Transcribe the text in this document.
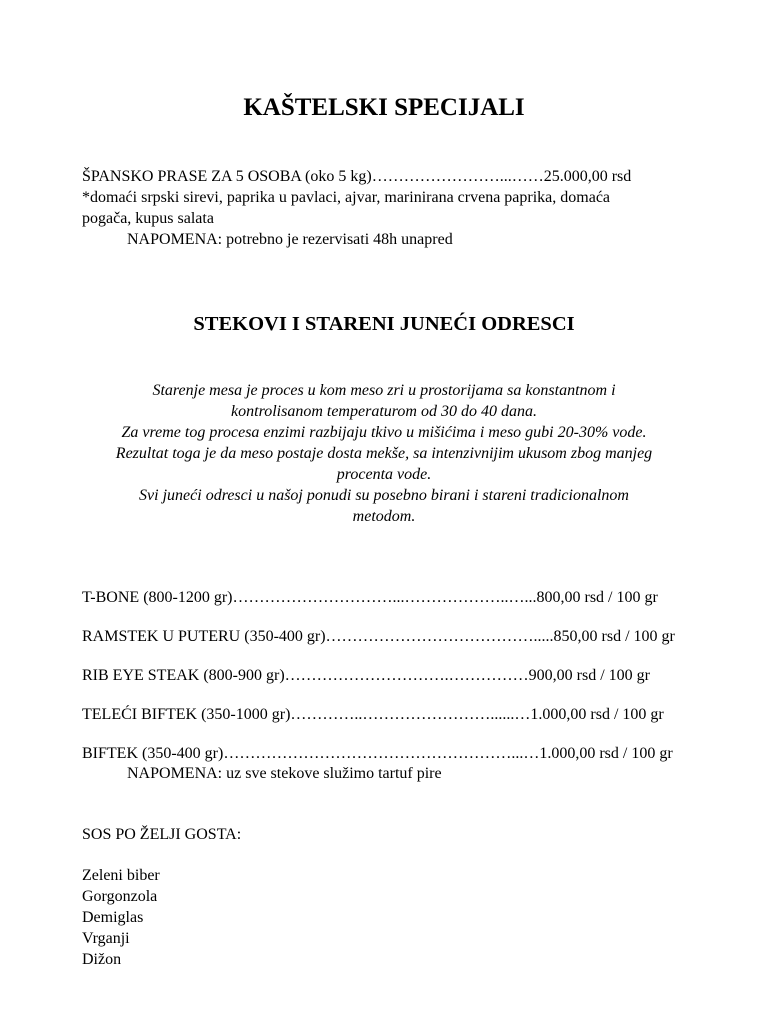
KAŠTELSKI SPECIJALI

ŠPANSKO PRASE ZA 5 OSOBA (oko 5 kg)……………………...……25.000,00 rsd

*domaći srpski sirevi, paprika u pavlaci, ajvar, marinirana crvena paprika, domaća

pogača, kupus salata

NAPOMENA: potrebno je rezervisati 48h unapred

STEKOVI I STARENI JUNEĆI ODRESCI
Starenje mesa je proces u kom meso zri u prostorijama sa konstantnom i
kontrolisanom temperaturom od 30 do 40 dana.
Za vreme tog procesa enzimi razbijaju tkivo u mišićima i meso gubi 20-30% vode.
Rezultat toga je da meso postaje dosta mekše, sa intenzivnijim ukusom zbog manjeg
procenta vode.
Svi juneći odresci u našoj ponudi su posebno birani i stareni tradicionalnom
metodom.

T-BONE (800-1200 gr)…………………………...………………..…...800,00 rsd / 100 gr

RAMSTEK U PUTERU (350-400 gr)………………………………….....850,00 rsd / 100 gr

RIB EYE STEAK (800-900 gr)………………………….……………900,00 rsd / 100 gr

TELEĆI BIFTEK (350-1000 gr)…………..……………………......…1.000,00 rsd / 100 gr

BIFTEK (350-400 gr)………………………………………………...…1.000,00 rsd / 100 gr

NAPOMENA: uz sve stekove služimo tartuf pire

SOS PO ŽELJI GOSTA:

Zeleni biber

Gorgonzola

Demiglas

Vrganji

Dižon
